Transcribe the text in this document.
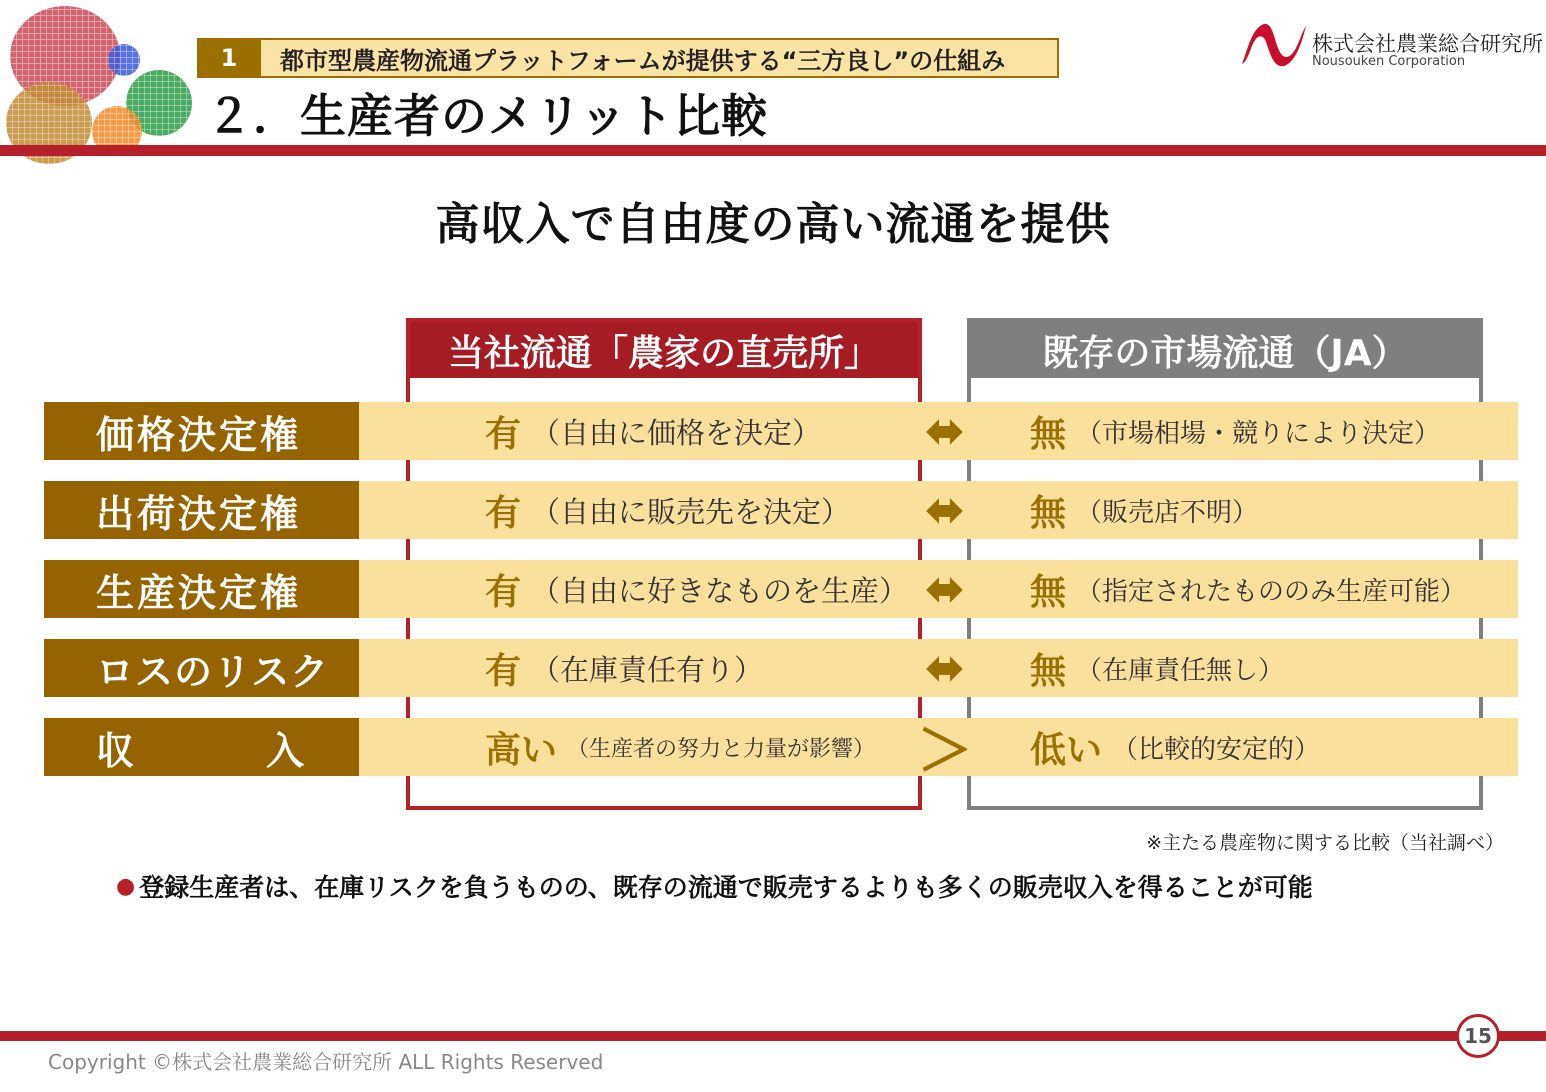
1	都市型農産物流通プラットフォームが提供する“三方良し”の仕組み
２．生産者のメリット比較
株式会社農業総合研究所
Nousouken Corporation
高収入で自由度の高い流通を提供
当社流通「農家の直売所」	既存の市場流通（JA）
価格決定権	有 （自由に価格を決定）	⬌	無 （市場相場・競りにより決定）
出荷決定権	有 （自由に販売先を決定）	⬌	無 （販売店不明）
生産決定権	有 （自由に好きなものを生産） ⬌	無 （指定されたもののみ生産可能）
ロスのリスク	有 （在庫責任有り）	⬌	無 （在庫責任無し）
収	入	高い （生産者の努力と力量が影響） ＞ 低い （比較的安定的）
※主たる農産物に関する比較（当社調べ）
● 登録生産者は、在庫リスクを負うものの、既存の流通で販売するよりも多くの販売収入を得ることが可能
15
Copyright ©株式会社農業総合研究所 ALL Rights Reserved
